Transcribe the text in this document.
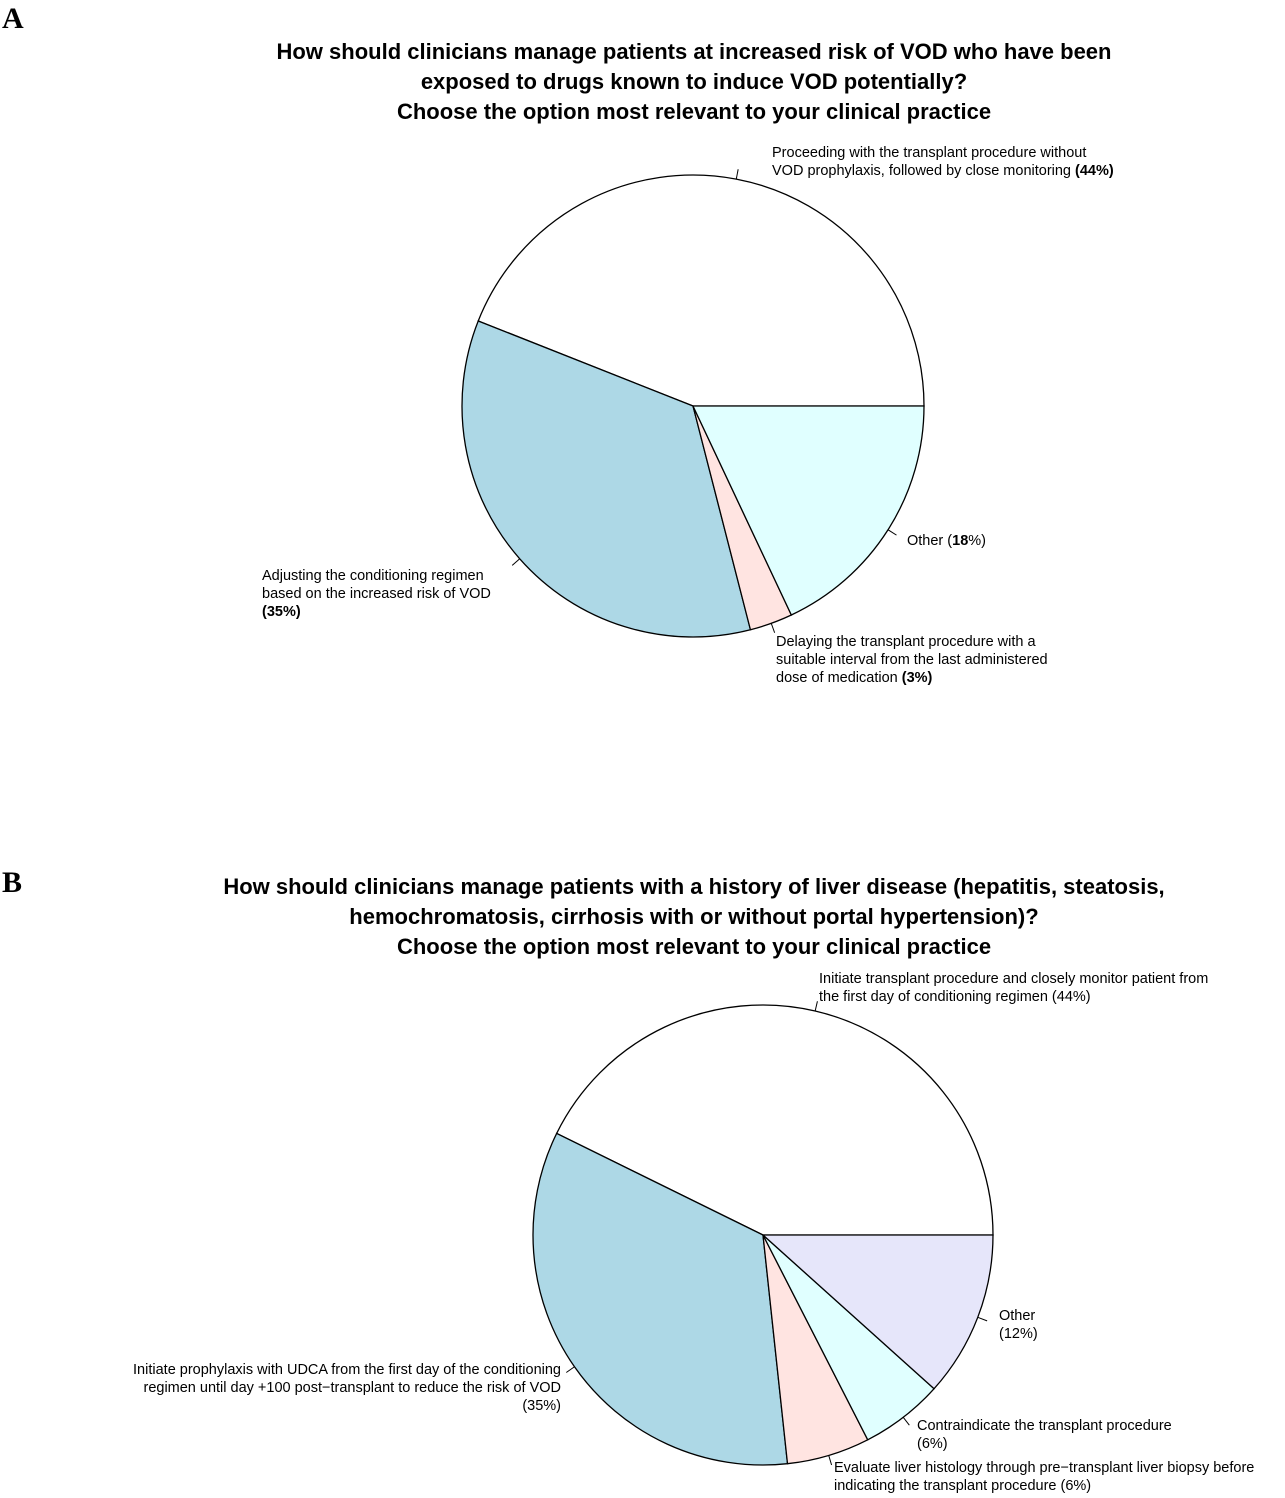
A
B
How should clinicians manage patients at increased risk of VOD who have been
exposed to drugs known to induce VOD potentially?
Choose the option most relevant to your clinical practice
How should clinicians manage patients with a history of liver disease (hepatitis, steatosis,
hemochromatosis, cirrhosis with or without portal hypertension)?
Choose the option most relevant to your clinical practice
Proceeding with the transplant procedure without
VOD prophylaxis, followed by close monitoring (44%)
Adjusting the conditioning regimen
based on the increased risk of VOD
(35%)
Delaying the transplant procedure with a
suitable interval from the last administered
dose of medication (3%)
Other (18%)
Initiate transplant procedure and closely monitor patient from
the first day of conditioning regimen (44%)
Initiate prophylaxis with UDCA from the first day of the conditioning
regimen until day +100 post−transplant to reduce the risk of VOD
(35%)
Evaluate liver histology through pre−transplant liver biopsy before
indicating the transplant procedure (6%)
Contraindicate the transplant procedure
(6%)
Other
(12%)
